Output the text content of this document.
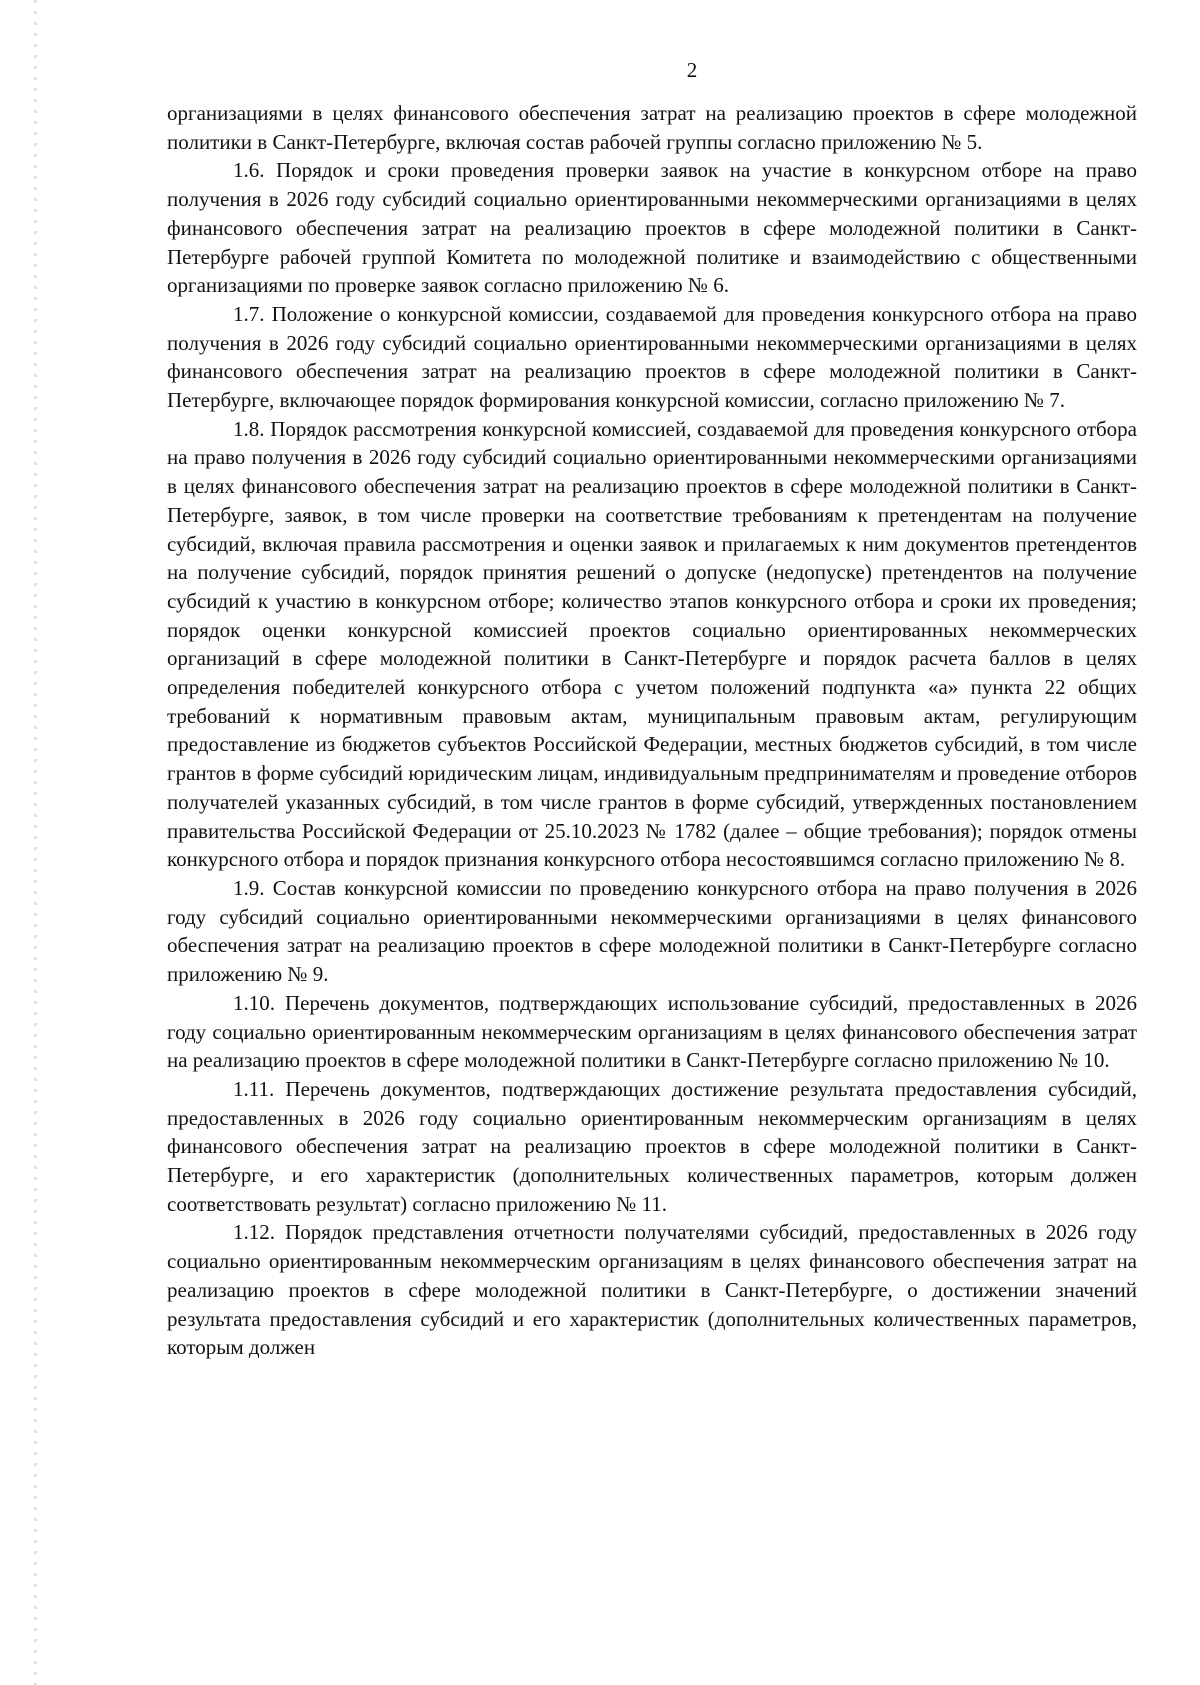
2

организациями в целях финансового обеспечения затрат на реализацию проектов в сфере молодежной политики в Санкт-Петербурге, включая состав рабочей группы согласно приложению № 5.

1.6. Порядок и сроки проведения проверки заявок на участие в конкурсном отборе на право получения в 2026 году субсидий социально ориентированными некоммерческими организациями в целях финансового обеспечения затрат на реализацию проектов в сфере молодежной политики в Санкт-Петербурге рабочей группой Комитета по молодежной политике и взаимодействию с общественными организациями по проверке заявок согласно приложению № 6.

1.7. Положение о конкурсной комиссии, создаваемой для проведения конкурсного отбора на право получения в 2026 году субсидий социально ориентированными некоммерческими организациями в целях финансового обеспечения затрат на реализацию проектов в сфере молодежной политики в Санкт-Петербурге, включающее порядок формирования конкурсной комиссии, согласно приложению № 7.

1.8. Порядок рассмотрения конкурсной комиссией, создаваемой для проведения конкурсного отбора на право получения в 2026 году субсидий социально ориентированными некоммерческими организациями в целях финансового обеспечения затрат на реализацию проектов в сфере молодежной политики в Санкт-Петербурге, заявок, в том числе проверки на соответствие требованиям к претендентам на получение субсидий, включая правила рассмотрения и оценки заявок и прилагаемых к ним документов претендентов на получение субсидий, порядок принятия решений о допуске (недопуске) претендентов на получение субсидий к участию в конкурсном отборе; количество этапов конкурсного отбора и сроки их проведения; порядок оценки конкурсной комиссией проектов социально ориентированных некоммерческих организаций в сфере молодежной политики в Санкт-Петербурге и порядок расчета баллов в целях определения победителей конкурсного отбора с учетом положений подпункта «а» пункта 22 общих требований к нормативным правовым актам, муниципальным правовым актам, регулирующим предоставление из бюджетов субъектов Российской Федерации, местных бюджетов субсидий, в том числе грантов в форме субсидий юридическим лицам, индивидуальным предпринимателям и проведение отборов получателей указанных субсидий, в том числе грантов в форме субсидий, утвержденных постановлением правительства Российской Федерации от 25.10.2023 № 1782 (далее – общие требования); порядок отмены конкурсного отбора и порядок признания конкурсного отбора несостоявшимся согласно приложению № 8.

1.9. Состав конкурсной комиссии по проведению конкурсного отбора на право получения в 2026 году субсидий социально ориентированными некоммерческими организациями в целях финансового обеспечения затрат на реализацию проектов в сфере молодежной политики в Санкт-Петербурге согласно приложению № 9.

1.10. Перечень документов, подтверждающих использование субсидий, предоставленных в 2026 году социально ориентированным некоммерческим организациям в целях финансового обеспечения затрат на реализацию проектов в сфере молодежной политики в Санкт-Петербурге согласно приложению № 10.

1.11. Перечень документов, подтверждающих достижение результата предоставления субсидий, предоставленных в 2026 году социально ориентированным некоммерческим организациям в целях финансового обеспечения затрат на реализацию проектов в сфере молодежной политики в Санкт-Петербурге, и его характеристик (дополнительных количественных параметров, которым должен соответствовать результат) согласно приложению № 11.

1.12. Порядок представления отчетности получателями субсидий, предоставленных в 2026 году социально ориентированным некоммерческим организациям в целях финансового обеспечения затрат на реализацию проектов в сфере молодежной политики в Санкт-Петербурге, о достижении значений результата предоставления субсидий и его характеристик (дополнительных количественных параметров, которым должен
